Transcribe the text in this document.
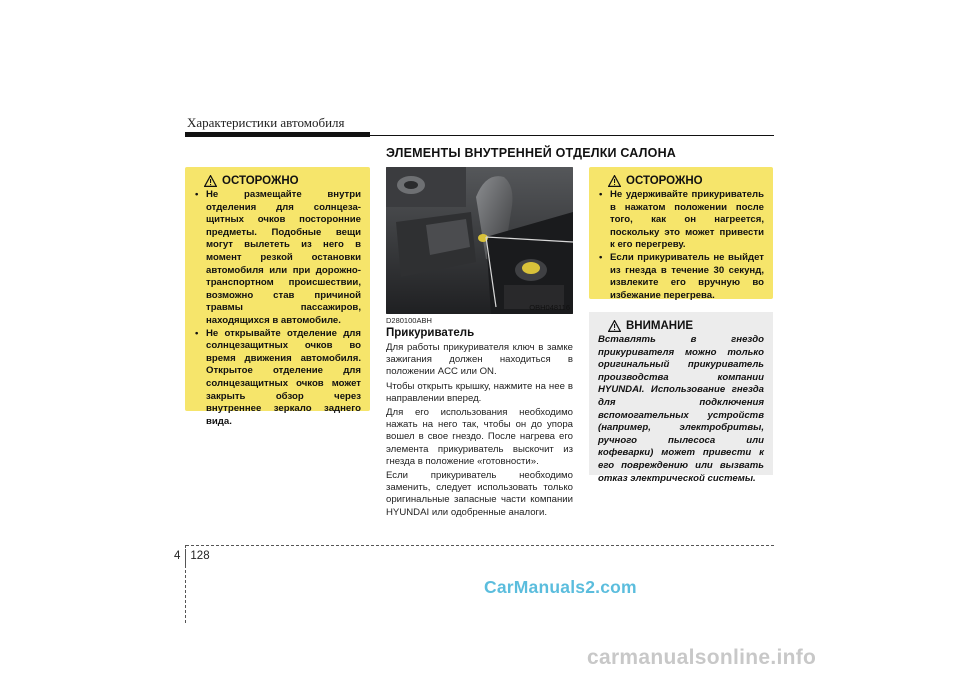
Характеристики автомобиля
ЭЛЕМЕНТЫ ВНУТРЕННЕЙ ОТДЕЛКИ САЛОНА
ОСТОРОЖНО
• Не размещайте внутри отделения для солнцеза- щитных очков посторонние предметы. Подобные вещи могут вылететь из него в момент резкой остановки автомобиля или при дорожно- транспортном происшествии, возможно став причиной травмы пассажиров, находящихся в автомобиле.
• Не открывайте отделение для солнцезащитных очков во время движения автомобиля. Открытое отделение для солнцезащитных очков может закрыть обзор через внутреннее зеркало заднего вида.
OBH048116
D280100ABH
Прикуриватель

Для работы прикуривателя ключ в замке зажигания должен находиться в положении ACC или ON.

Чтобы открыть крышку, нажмите на нее в направлении вперед.

Для его использования необходимо нажать на него так, чтобы он до упора вошел в свое гнездо. После нагрева его элемента прикуриватель выскочит из гнезда в положение «готовности».

Если прикуриватель необходимо заменить, следует использовать только оригинальные запасные части компании HYUNDAI или одобренные аналоги.

ОСТОРОЖНО
• Не удерживайте прикуриватель в нажатом положении после того, как он нагреется, поскольку это может привести к его перегреву.
• Если прикуриватель не выйдет из гнезда в течение 30 секунд, извлеките его вручную во избежание перегрева.
ВНИМАНИЕ

Вставлять в гнездо прикуривателя можно только оригинальный прикуриватель производства компании HYUNDAI. Использование гнезда для подключения вспомогательных устройств (например, электробритвы, ручного пылесоса или кофеварки) может привести к его повреждению или вызвать отказ электрической системы.

4 128
CarManuals2.com
carmanualsonline.info
